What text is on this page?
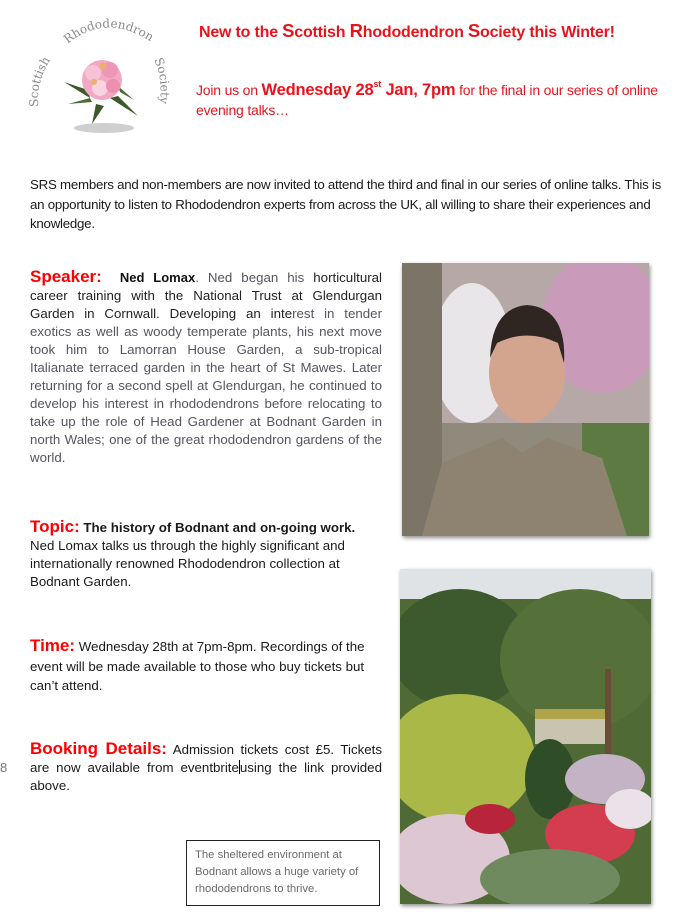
Rhododendron
Scottish	Society
New to the Scottish Rhododendron Society this Winter!
Join us on Wednesday 28st Jan, 7pm for the final in our series of online evening talks…
SRS members and non-members are now invited to attend the third and final in our series of online talks. This is an opportunity to listen to Rhododendron experts from across the UK, all willing to share their experiences and knowledge.
Speaker: Ned Lomax. Ned began his horticultural career training with the National Trust at Glendurgan Garden in Cornwall. Developing an interest in tender exotics as well as woody temperate plants, his next move took him to Lamorran House Garden, a sub-tropical Italianate terraced garden in the heart of St Mawes. Later returning for a second spell at Glendurgan, he continued to develop his interest in rhododendrons before relocating to take up the role of Head Gardener at Bodnant Garden in north Wales; one of the great rhododendron gardens of the world.
Topic: The history of Bodnant and on-going work.
Ned Lomax talks us through the highly significant and internationally renowned Rhododendron collection at Bodnant Garden.
Time: Wednesday 28th at 7pm-8pm. Recordings of the event will be made available to those who buy tickets but can’t attend.
8
Booking Details: Admission tickets cost £5. Tickets are now available from eventbriteusing the link provided above.
The sheltered environment at Bodnant allows a huge variety of rhododendrons to thrive.
